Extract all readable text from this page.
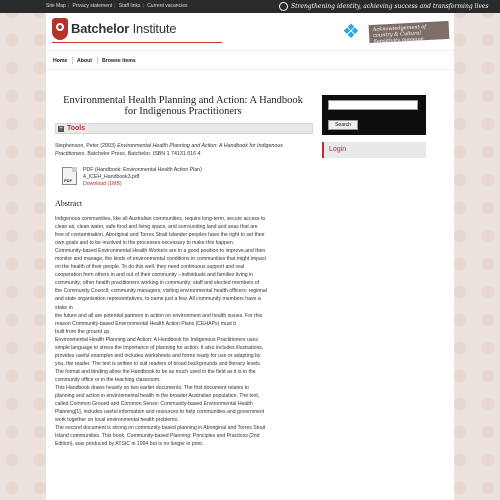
Site Map | Privacy statement | Staff links | Current vacancies	Strengthening identity, achieving success and transforming lives
Batchelor Institute	❖	Acknowledgement of country & Cultural Sensitivity message
Home About Browse items
Environmental Health Planning and Action: A Handbook for Indigenous Practitioners
+ Tools
Stephenson, Peter (2003) Environmental Health Planning and Action: A Handbook for Indigenous Practitioners. Batchelor Press, Batchelor. ISBN 1 74131 016 4
PDF
PDF (Handbook: Environmental Health Action Plan)
4_ICEH_Handbook3.pdf
Download (1MB)
Abstract
Indigenous communities, like all Australian communities, require long-term, secure access to
clean air, clean water, safe food and living space, and surrounding land and seas that are
free of contamination. Aboriginal and Torres Strait Islander peoples have the right to set their
own goals and to be involved in the processes necessary to make this happen.
Community-based Environmental Health Workers are in a good position to improve,and then
monitor and manage, the kinds of environmental conditions in communities that might impact
on the health of their people. To do this well, they need continuous support and real
cooperation from others in and out of their community --individuals and families living in
community; other health practitioners working in community; staff and elected members of
the Community Council; community managers; visiting environmental health officers; regional
and state organisation representatives, to name just a few. All community members have a
stake in
the future and all are potential partners in action on environment and health issues. For this
reason Community-based Environmental Health Action Plans (CEHAPs) must b
built from the ground up.
Environmental Health Planning and Action: A Handbook for Indigenous Practitioners uses
simple language to stress the importance of planning for action. It also includes illustrations,
provides useful examples and includes worksheets and forms ready for use or adapting by
you, the reader. The text is written to suit readers of broad backgrounds and literacy levels.
The format and binding allow the Handbook to be as much used in the field as it is in the
community office or in the teaching classroom.
This Handbook draws heavily on two earlier documents. The first document relates to
planning and action in environmental health in the broader Australian population. The text,
called Common Ground and Common Sense: Community-based Environmental Health
Planning[1], includes useful information and resources to help communities and government
work together on local environmental health problems.
The second document is strong on community-based planning in Aboriginal and Torres Strait
Island communities. This book, Community-based Planning: Principles and Practices (2nd
Edition), was produced by ATSIC in 1994 but is no longer in print.
Search
Login
